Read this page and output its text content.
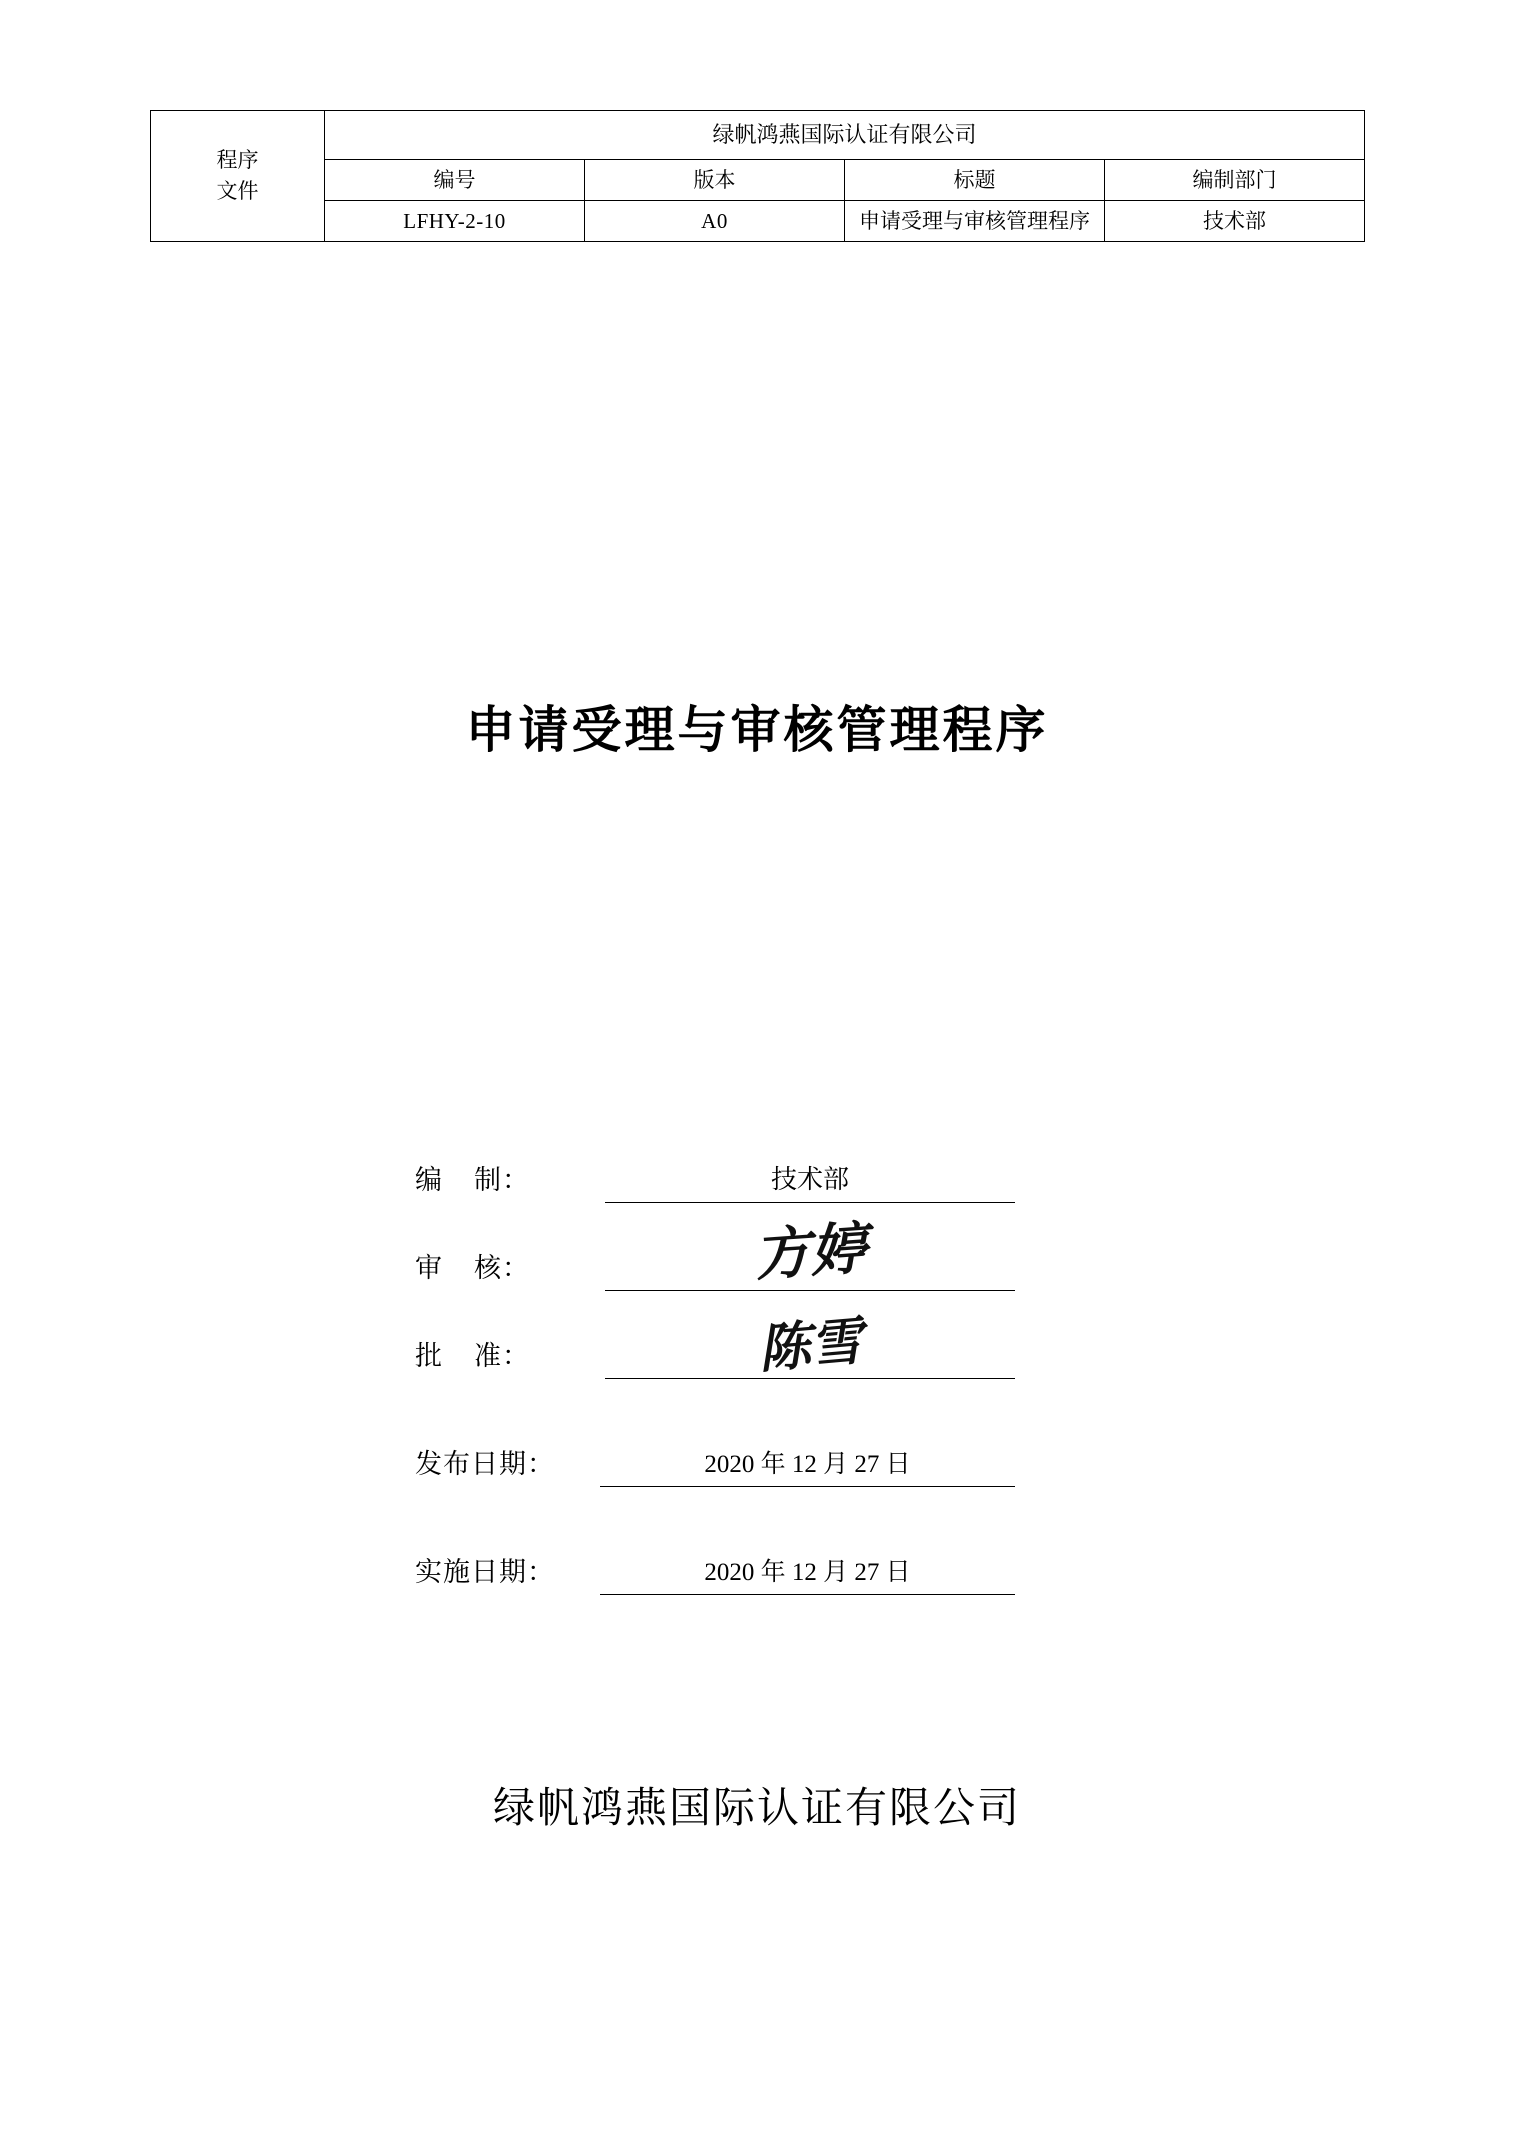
程序
文件	绿帆鸿燕国际认证有限公司			
	编号	版本	标题	编制部门
	LFHY-2-10	A0	申请受理与审核管理程序	技术部
申请受理与审核管理程序
编    制：	技术部
审    核：	方婷
批    准：	陈雪
发布日期：	2020 年 12 月 27 日
实施日期：	2020 年 12 月 27 日
绿帆鸿燕国际认证有限公司
